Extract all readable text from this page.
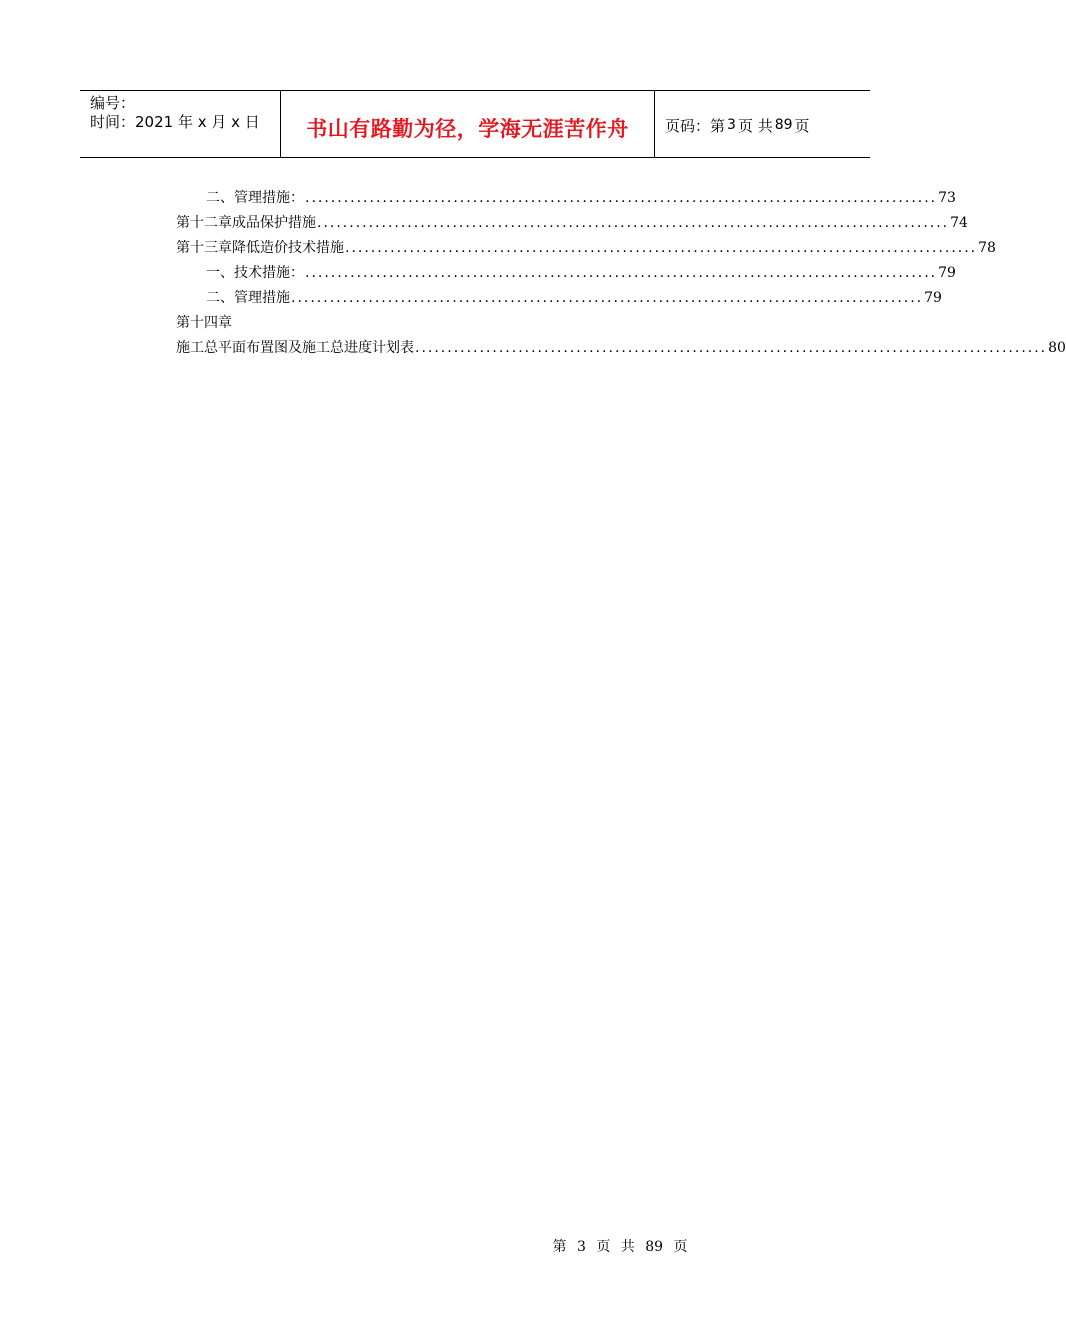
编号：
时间：2021 年 x 月 x 日	书山有路勤为径，学海无涯苦作舟 页码：第 3 页 共 89 页
二、 管理措施： .................................................................................................. 73
第十二章 成品保护措施 .................................................................................................. 74
第十三章 降低造价技术措施 .................................................................................................. 78
一、 技术措施： .................................................................................................. 79
二、 管理措施 .................................................................................................. 79
第十四章
施工总平面布置图及施工总进度计划表 .................................................................................................. 80
第 3 页 共 89 页
